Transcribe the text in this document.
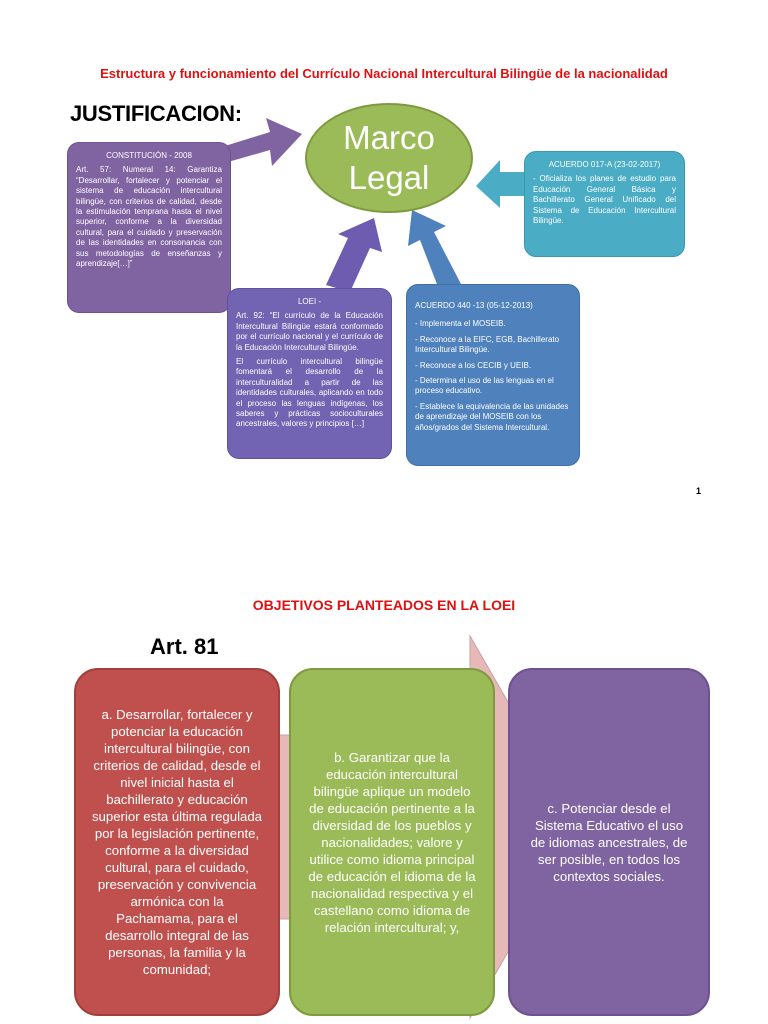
Estructura y funcionamiento del Currículo Nacional Intercultural Bilingüe de la nacionalidad
JUSTIFICACION:
Marco
Legal
CONSTITUCIÓN - 2008

Art. 57: Numeral 14: Garantiza “Desarrollar, fortalecer y potenciar el sistema de educación intercultural bilingüe, con criterios de calidad, desde la estimulación temprana hasta el nivel superior, conforme a la diversidad cultural, para el cuidado y preservación de las identidades en consonancia con sus metodologías de enseñanzas y aprendizaje[…]”

ACUERDO 017-A (23-02-2017)

- Oficializa los planes de estudio para Educación General Básica y Bachillerato General Unificado del Sistema de Educación Intercultural Bilingüe.

LOEI -

Art. 92: “El currículo de la Educación Intercultural Bilingüe estará conformado por el currículo nacional y el currículo de la Educación Intercultural Bilingüe.

El currículo intercultural bilingüe fomentará el desarrollo de la interculturalidad a partir de las identidades culturales, aplicando en todo el proceso las lenguas indígenas, los saberes y prácticas socioculturales ancestrales, valores y principios […]

ACUERDO 440 -13 (05-12-2013)
- Implementa el MOSEIB.
- Reconoce a la EIFC, EGB, Bachillerato Intercultural Bilingüe.
- Reconoce a los CECIB y UEIB.
- Determina el uso de las lenguas en el proceso educativo.
- Establece la equivalencia de las unidades de aprendizaje del MOSEIB con los años/grados del Sistema Intercultural.
1
OBJETIVOS PLANTEADOS EN LA LOEI
Art. 81
a. Desarrollar, fortalecer y potenciar la educación intercultural bilingüe, con criterios de calidad, desde el nivel inicial hasta el bachillerato y educación superior esta última regulada por la legislación pertinente, conforme a la diversidad cultural, para el cuidado, preservación y convivencia armónica con la Pachamama, para el desarrollo integral de las personas, la familia y la comunidad;
b. Garantizar que la educación intercultural bilingüe aplique un modelo de educación pertinente a la diversidad de los pueblos y nacionalidades; valore y utilice como idioma principal de educación el idioma de la nacionalidad respectiva y el castellano como idioma de relación intercultural; y,
c. Potenciar desde el Sistema Educativo el uso de idiomas ancestrales, de ser posible, en todos los contextos sociales.
